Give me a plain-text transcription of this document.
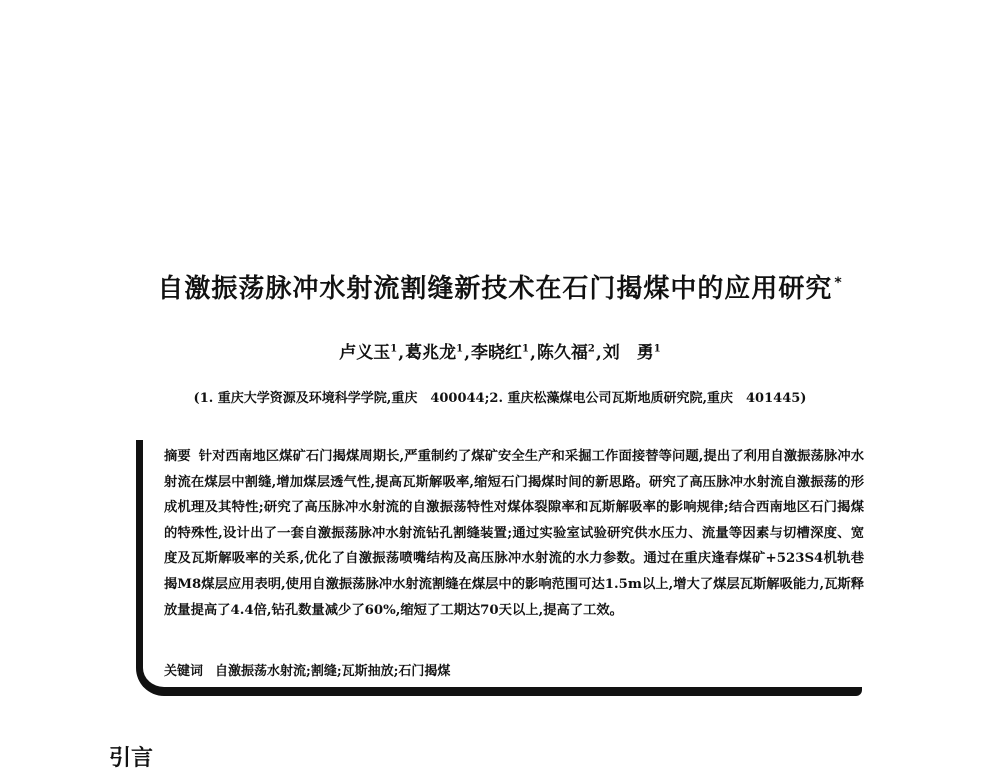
自激振荡脉冲水射流割缝新技术在石门揭煤中的应用研究 *
卢义玉$^1$,葛兆龙$^1$,李晓红$^1$,陈久福$^2$,刘　勇$^1$
(1. 重庆大学资源及环境科学学院,重庆　400044;2. 重庆松藻煤电公司瓦斯地质研究院,重庆　401445)
摘要 针对西南地区煤矿石门揭煤周期长,严重制约了煤矿安全生产和采掘工作面接替等问题,提出了利用自激振荡脉冲水射流在煤层中割缝,增加煤层透气性,提高瓦斯解吸率,缩短石门揭煤时间的新思路。研究了高压脉冲水射流自激振荡的形成机理及其特性;研究了高压脉冲水射流的自激振荡特性对煤体裂隙率和瓦斯解吸率的影响规律;结合西南地区石门揭煤的特殊性,设计出了一套自激振荡脉冲水射流钻孔割缝装置;通过实验室试验研究供水压力、流量等因素与切槽深度、宽度及瓦斯解吸率的关系,优化了自激振荡喷嘴结构及高压脉冲水射流的水力参数。通过在重庆逢春煤矿+523S4机轨巷揭M8煤层应用表明,使用自激振荡脉冲水射流割缝在煤层中的影响范围可达1.5m以上,增大了煤层瓦斯解吸能力,瓦斯释放量提高了4.4倍,钻孔数量减少了60%,缩短了工期达70天以上,提高了工效。
关键词 自激振荡水射流;割缝;瓦斯抽放;石门揭煤
引言
